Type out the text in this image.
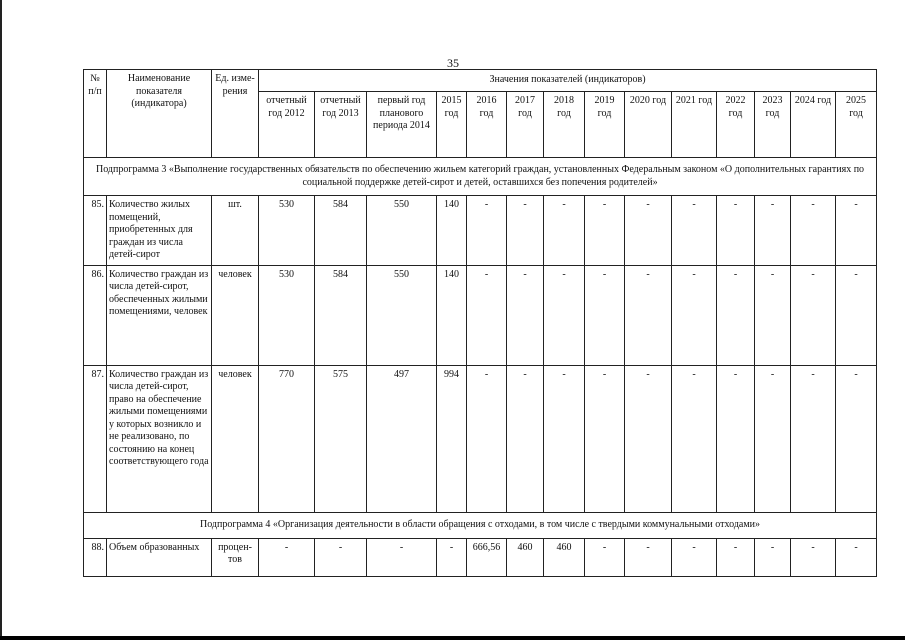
35
№ п/п	Наименование показателя (индикатора)	Ед. изме-рения	Значения показателей (индикаторов)													
			отчетный год 2012	отчетный год 2013	первый год планового периода 2014	2015 год	2016 год	2017 год	2018 год	2019 год	2020 год	2021 год	2022 год	2023 год	2024 год	2025 год
Подпрограмма 3 «Выполнение государственных обязательств по обеспечению жильем категорий граждан, установленных Федеральным законом «О дополнительных гарантиях по социальной поддержке детей-сирот и детей, оставшихся без попечения родителей»																
85.	Количество жилых помещений, приобретенных для граждан из числа детей-сирот	шт.	530	584	550	140	-	-	-	-	-	-	-	-	-	-
86.	Количество граждан из числа детей-сирот, обеспеченных жилыми помещениями, человек	человек	530	584	550	140	-	-	-	-	-	-	-	-	-	-
87.	Количество граждан из числа детей-сирот, право на обеспечение жилыми помещениями у которых возникло и не реализовано, по состоянию на конец соответствующего года	человек	770	575	497	994	-	-	-	-	-	-	-	-	-	-
Подпрограмма 4 «Организация деятельности в области обращения с отходами, в том числе с твердыми коммунальными отходами»																
88.	Объем образованных	процен-тов	-	-	-	-	666,56	460	460	-	-	-	-	-	-	-
